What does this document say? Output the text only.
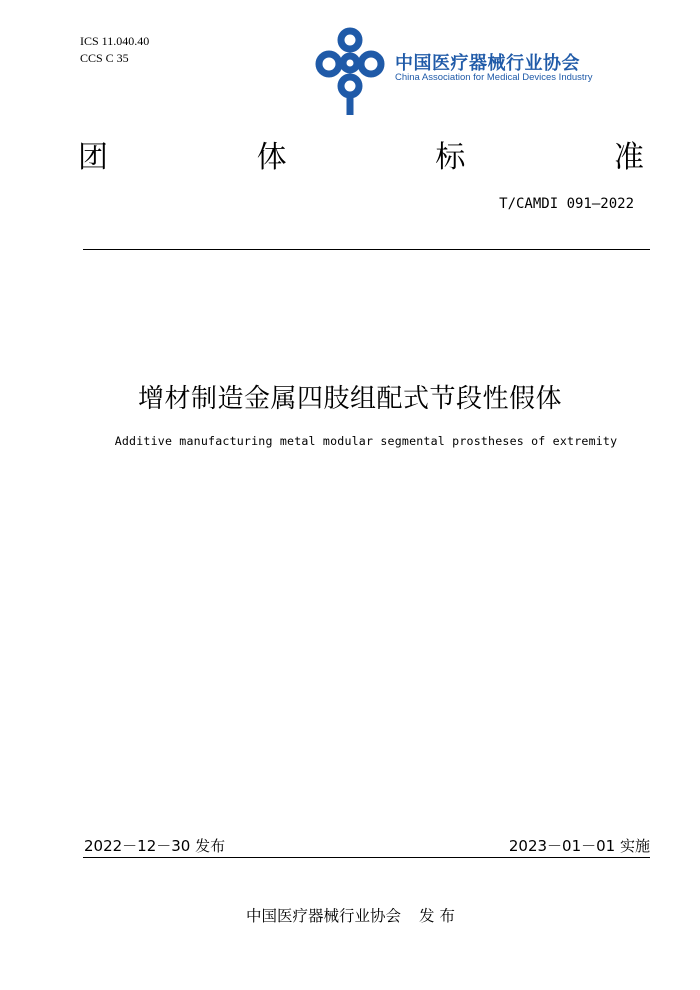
ICS 11.040.40
CCS C 35	中国医疗器械行业协会
China Association for Medical Devices Industry
团	体	标	准
T/CAMDI 091—2022
增材制造金属四肢组配式节段性假体
Additive manufacturing metal modular segmental prostheses of extremity
2022－12－30 发布	2023－01－01 实施
中国医疗器械行业协会 发 布
